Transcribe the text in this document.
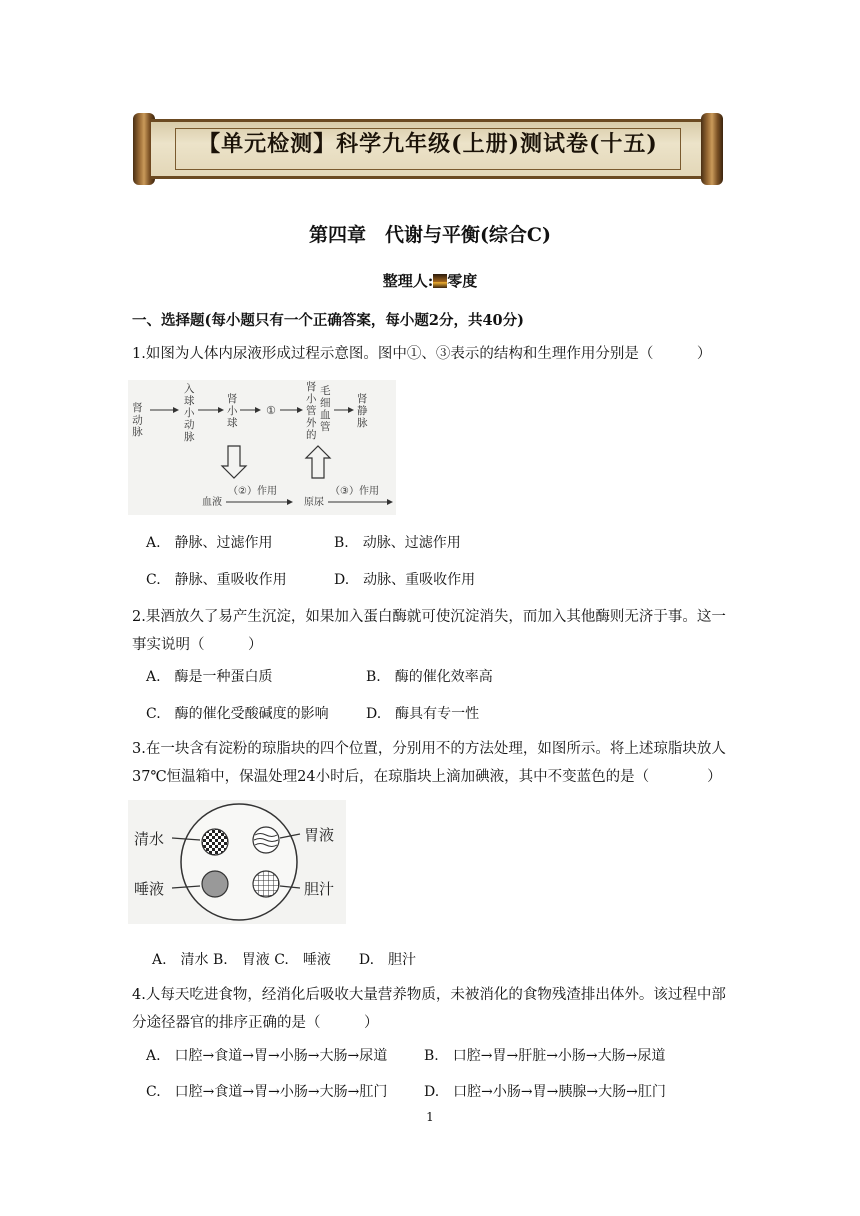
【单元检测】科学九年级(上册)测试卷(十五)
第四章　代谢与平衡(综合C)
整理人: 零度
一、选择题(每小题只有一个正确答案，每小题2分，共40分)
1.如图为人体内尿液形成过程示意图。图中①、③表示的结构和生理作用分别是（　　　）
肾动脉
入
球
小
动
脉
肾
小
球
①
肾
小
管
外
的
毛
细
血
管
肾
静
脉
血液
（②）作用
原尿
（③）作用
A.　静脉、过滤作用	B.　动脉、过滤作用
C.　静脉、重吸收作用	D.　动脉、重吸收作用
2.果酒放久了易产生沉淀，如果加入蛋白酶就可使沉淀消失，而加入其他酶则无济于事。这一事实说明（　　　）
A.　酶是一种蛋白质	B.　酶的催化效率高
C.　酶的催化受酸碱度的影响	D.　酶具有专一性
3.在一块含有淀粉的琼脂块的四个位置，分别用不的方法处理，如图所示。将上述琼脂块放人37℃恒温箱中，保温处理24小时后，在琼脂块上滴加碘液，其中不变蓝色的是（　　　　）
清水	胃液
唾液	胆汁
A.　清水 B.　胃液 C.　唾液　　D.　胆汁
4.人每天吃进食物，经消化后吸收大量营养物质，未被消化的食物残渣排出体外。该过程中部分途径器官的排序正确的是（　　　）
A.　口腔→食道→胃→小肠→大肠→尿道	B.　口腔→胃→肝脏→小肠→大肠→尿道
C.　口腔→食道→胃→小肠→大肠→肛门	D.　口腔→小肠→胃→胰腺→大肠→肛门
1
